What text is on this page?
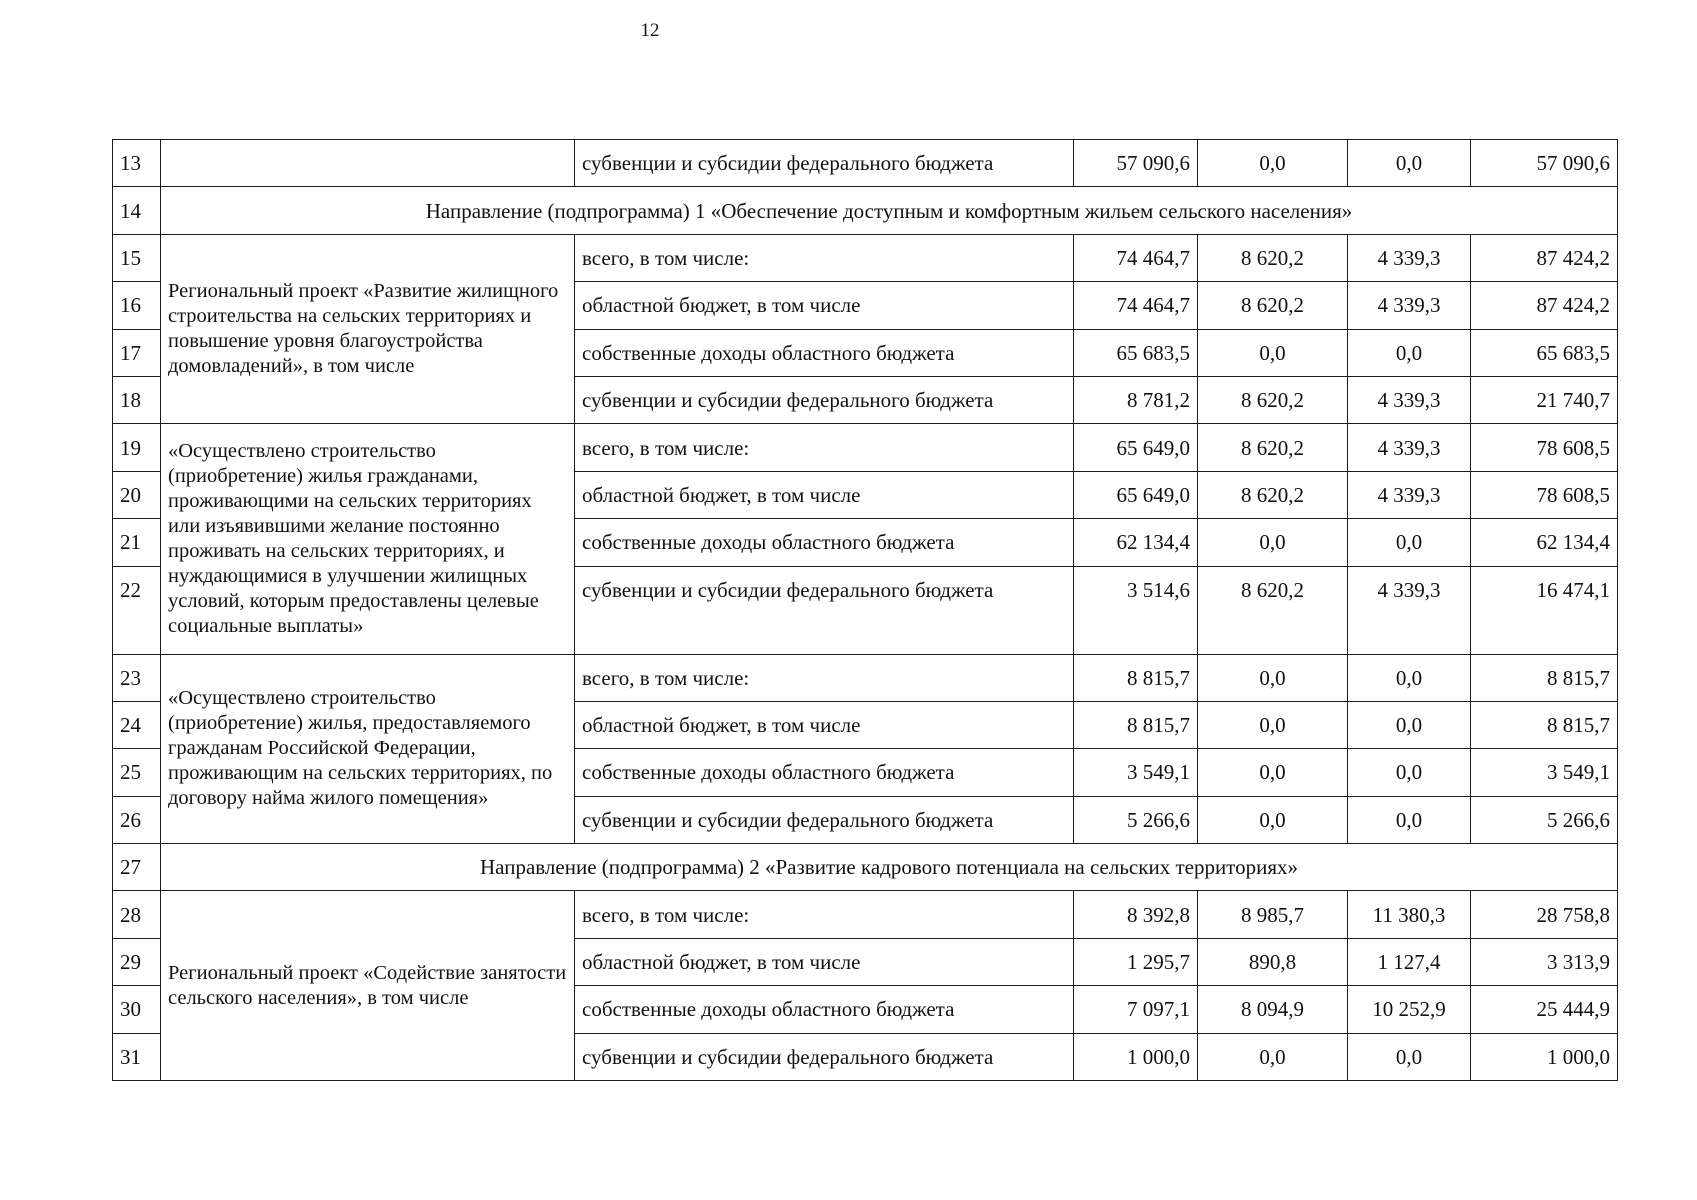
12
13		субвенции и субсидии федерального бюджета	57 090,6	0,0	0,0	57 090,6
14	Направление (подпрограмма) 1 «Обеспечение доступным и комфортным жильем сельского населения»					
15	Региональный проект «Развитие жилищного строительства на сельских территориях и повышение уровня благоустройства домовладений», в том числе	всего, в том числе:	74 464,7	8 620,2	4 339,3	87 424,2
16		областной бюджет, в том числе	74 464,7	8 620,2	4 339,3	87 424,2
17		собственные доходы областного бюджета	65 683,5	0,0	0,0	65 683,5
18		субвенции и субсидии федерального бюджета	8 781,2	8 620,2	4 339,3	21 740,7
19	«Осуществлено строительство (приобретение) жилья гражданами, проживающими на сельских территориях или изъявившими желание постоянно проживать на сельских территориях, и нуждающимися в улучшении жилищных условий, которым предоставлены целевые социальные выплаты»	всего, в том числе:	65 649,0	8 620,2	4 339,3	78 608,5
20		областной бюджет, в том числе	65 649,0	8 620,2	4 339,3	78 608,5
21		собственные доходы областного бюджета	62 134,4	0,0	0,0	62 134,4
22		субвенции и субсидии федерального бюджета	3 514,6	8 620,2	4 339,3	16 474,1
23	«Осуществлено строительство (приобретение) жилья, предоставляемого гражданам Российской Федерации, проживающим на сельских территориях, по договору найма жилого помещения»	всего, в том числе:	8 815,7	0,0	0,0	8 815,7
24		областной бюджет, в том числе	8 815,7	0,0	0,0	8 815,7
25		собственные доходы областного бюджета	3 549,1	0,0	0,0	3 549,1
26		субвенции и субсидии федерального бюджета	5 266,6	0,0	0,0	5 266,6
27	Направление (подпрограмма) 2 «Развитие кадрового потенциала на сельских территориях»					
28	Региональный проект «Содействие занятости сельского населения», в том числе	всего, в том числе:	8 392,8	8 985,7	11 380,3	28 758,8
29		областной бюджет, в том числе	1 295,7	890,8	1 127,4	3 313,9
30		собственные доходы областного бюджета	7 097,1	8 094,9	10 252,9	25 444,9
31		субвенции и субсидии федерального бюджета	1 000,0	0,0	0,0	1 000,0
